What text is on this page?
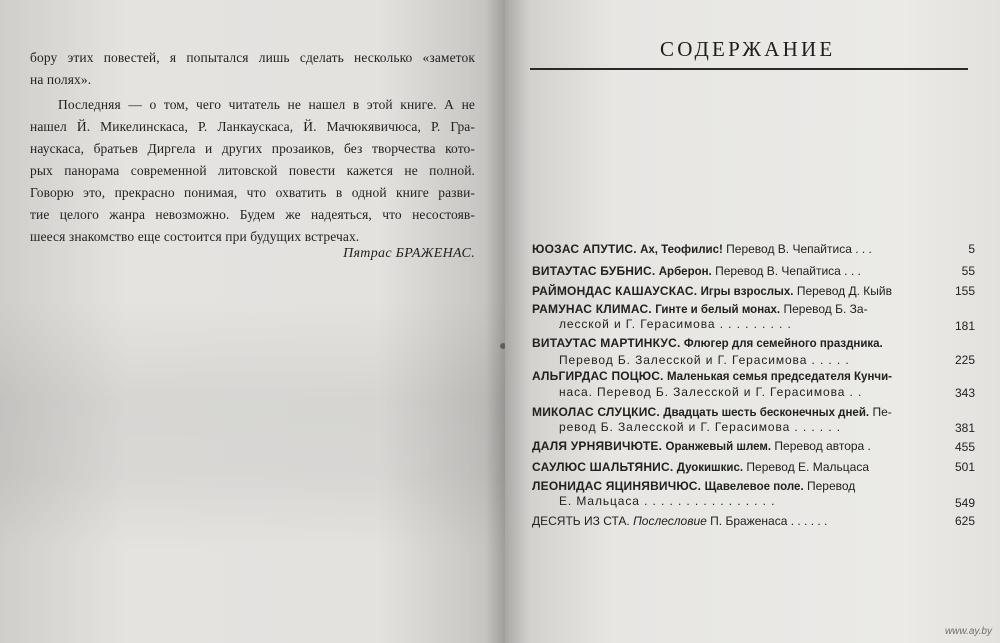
бору этих повестей, я попытался лишь сделать несколько «заметок

на полях».

Последняя — о том, чего читатель не нашел в этой книге. А не

нашел Й. Микелинскаса, Р. Ланкаускаса, Й. Мачюкявичюса, Р. Гра-

наускаса, братьев Диргела и других прозаиков, без творчества кото-

рых панорама современной литовской повести кажется не полной.

Говорю это, прекрасно понимая, что охватить в одной книге разви-

тие целого жанра невозможно. Будем же надеяться, что несостояв-

шееся знакомство еще состоится при будущих встречах.

Пятрас БРАЖЕНАС.

СОДЕРЖАНИЕ

ЮОЗАС АПУТИС. Ах, Теофилис! Перевод В. Чепайтиса . . .	5

ВИТАУТАС БУБНИС. Арберон. Перевод В. Чепайтиса . . .	55

РАЙМОНДАС КАШАУСКАС. Игры взрослых. Перевод Д. Кыйв	155

РАМУНАС КЛИМАС. Гинте и белый монах. Перевод Б. За-

лесской и Г. Герасимова . . . . . . . . .	181

ВИТАУТАС МАРТИНКУС. Флюгер для семейного праздника.

Перевод Б. Залесской и Г. Герасимова . . . . .	225

АЛЬГИРДАС ПОЦЮС. Маленькая семья председателя Кунчи-

наса. Перевод Б. Залесской и Г. Герасимова . .	343

МИКОЛАС СЛУЦКИС. Двадцать шесть бесконечных дней. Пе-

ревод Б. Залесской и Г. Герасимова . . . . . .	381

ДАЛЯ УРНЯВИЧЮТЕ. Оранжевый шлем. Перевод автора .	455

САУЛЮС ШАЛЬТЯНИС. Дуокишкис. Перевод Е. Мальцаса	501

ЛЕОНИДАС ЯЦИНЯВИЧЮС. Щавелевое поле. Перевод

Е. Мальцаса . . . . . . . . . . . . . . . .	549

ДЕСЯТЬ ИЗ СТА. Послесловие П. Браженаса . . . . . .	625

www.ay.by
